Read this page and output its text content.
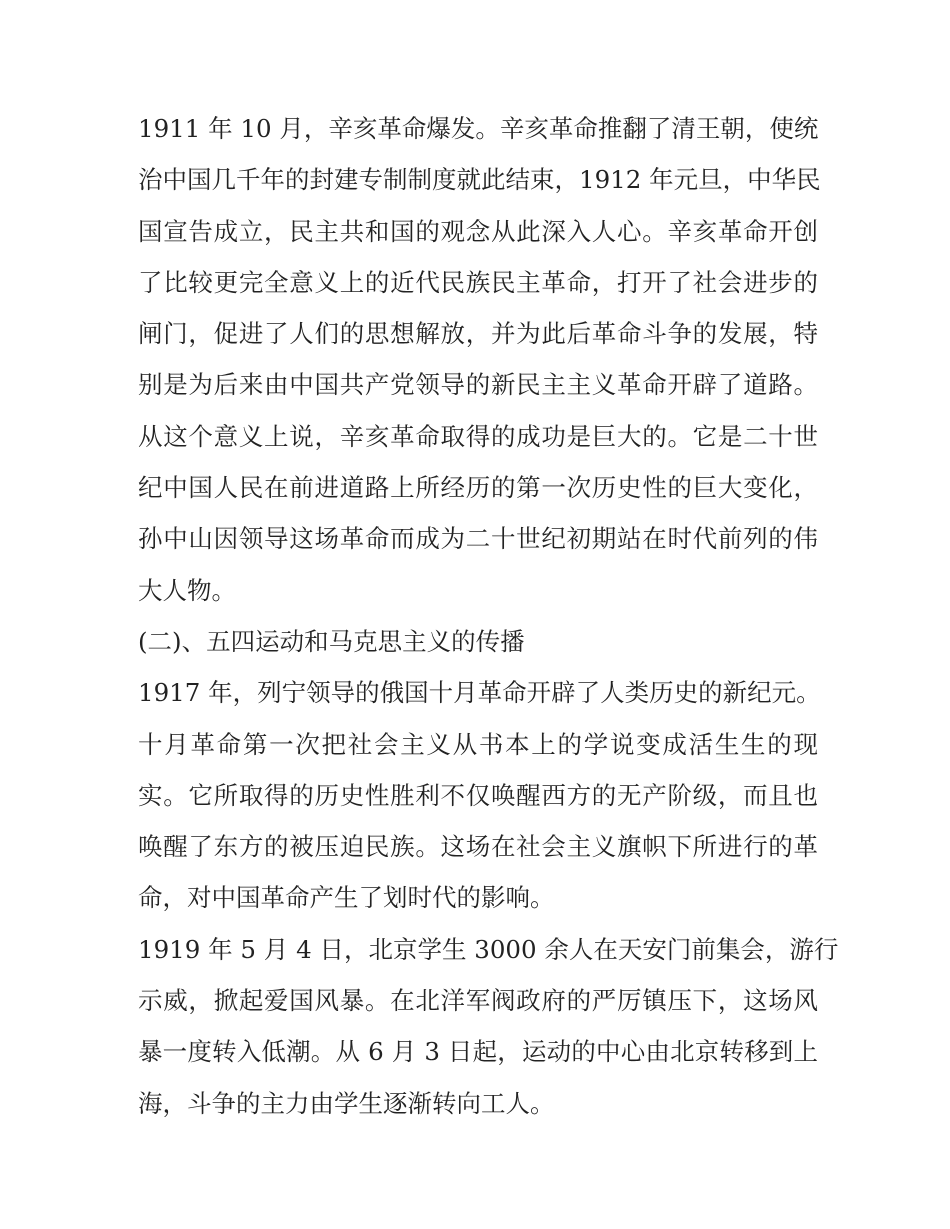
1911 年 10 月，辛亥革命爆发。辛亥革命推翻了清王朝，使统
治中国几千年的封建专制制度就此结束，1912 年元旦，中华民
国宣告成立，民主共和国的观念从此深入人心。辛亥革命开创
了比较更完全意义上的近代民族民主革命，打开了社会进步的
闸门，促进了人们的思想解放，并为此后革命斗争的发展，特
别是为后来由中国共产党领导的新民主主义革命开辟了道路。
从这个意义上说，辛亥革命取得的成功是巨大的。它是二十世
纪中国人民在前进道路上所经历的第一次历史性的巨大变化，
孙中山因领导这场革命而成为二十世纪初期站在时代前列的伟
大人物。
(二)、五四运动和马克思主义的传播
1917 年，列宁领导的俄国十月革命开辟了人类历史的新纪元。
十月革命第一次把社会主义从书本上的学说变成活生生的现
实。它所取得的历史性胜利不仅唤醒西方的无产阶级，而且也
唤醒了东方的被压迫民族。这场在社会主义旗帜下所进行的革
命，对中国革命产生了划时代的影响。
1919 年 5 月 4 日，北京学生 3000 余人在天安门前集会，游行
示威，掀起爱国风暴。在北洋军阀政府的严厉镇压下，这场风
暴一度转入低潮。从 6 月 3 日起，运动的中心由北京转移到上
海，斗争的主力由学生逐渐转向工人。
